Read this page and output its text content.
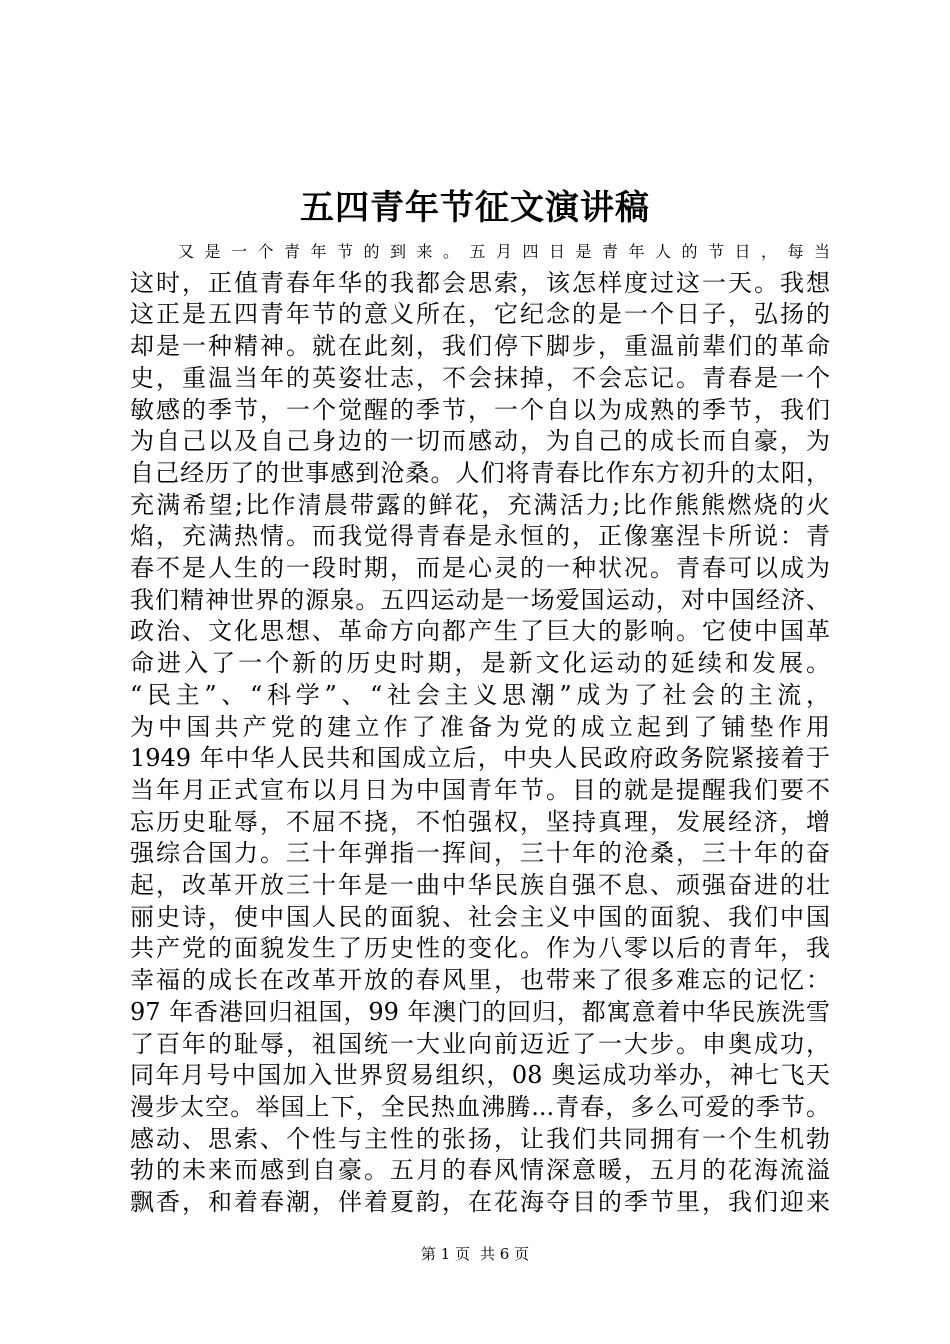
五四青年节征文演讲稿
又是一个青年节的到来。五月四日是青年人的节日，每当
这时，正值青春年华的我都会思索，该怎样度过这一天。我想
这正是五四青年节的意义所在，它纪念的是一个日子，弘扬的
却是一种精神。就在此刻，我们停下脚步，重温前辈们的革命
史，重温当年的英姿壮志，不会抹掉，不会忘记。青春是一个
敏感的季节，一个觉醒的季节，一个自以为成熟的季节，我们
为自己以及自己身边的一切而感动，为自己的成长而自豪，为
自己经历了的世事感到沧桑。人们将青春比作东方初升的太阳，
充满希望;比作清晨带露的鲜花，充满活力;比作熊熊燃烧的火
焰，充满热情。而我觉得青春是永恒的，正像塞涅卡所说：青
春不是人生的一段时期，而是心灵的一种状况。青春可以成为
我们精神世界的源泉。五四运动是一场爱国运动，对中国经济、
政治、文化思想、革命方向都产生了巨大的影响。它使中国革
命进入了一个新的历史时期，是新文化运动的延续和发展。
“民主”、“科学”、“社会主义思潮”成为了社会的主流，
为中国共产党的建立作了准备为党的成立起到了铺垫作用
1949 年中华人民共和国成立后，中央人民政府政务院紧接着于
当年月正式宣布以月日为中国青年节。目的就是提醒我们要不
忘历史耻辱，不屈不挠，不怕强权，坚持真理，发展经济，增
强综合国力。三十年弹指一挥间，三十年的沧桑，三十年的奋
起，改革开放三十年是一曲中华民族自强不息、顽强奋进的壮
丽史诗，使中国人民的面貌、社会主义中国的面貌、我们中国
共产党的面貌发生了历史性的变化。作为八零以后的青年，我
幸福的成长在改革开放的春风里，也带来了很多难忘的记忆：
97 年香港回归祖国，99 年澳门的回归，都寓意着中华民族洗雪
了百年的耻辱，祖国统一大业向前迈近了一大步。申奥成功，
同年月号中国加入世界贸易组织，08 奥运成功举办，神七飞天
漫步太空。举国上下，全民热血沸腾...青春，多么可爱的季节。
感动、思索、个性与主性的张扬，让我们共同拥有一个生机勃
勃的未来而感到自豪。五月的春风情深意暖，五月的花海流溢
飘香，和着春潮，伴着夏韵，在花海夺目的季节里，我们迎来
第 1 页 共 6 页
